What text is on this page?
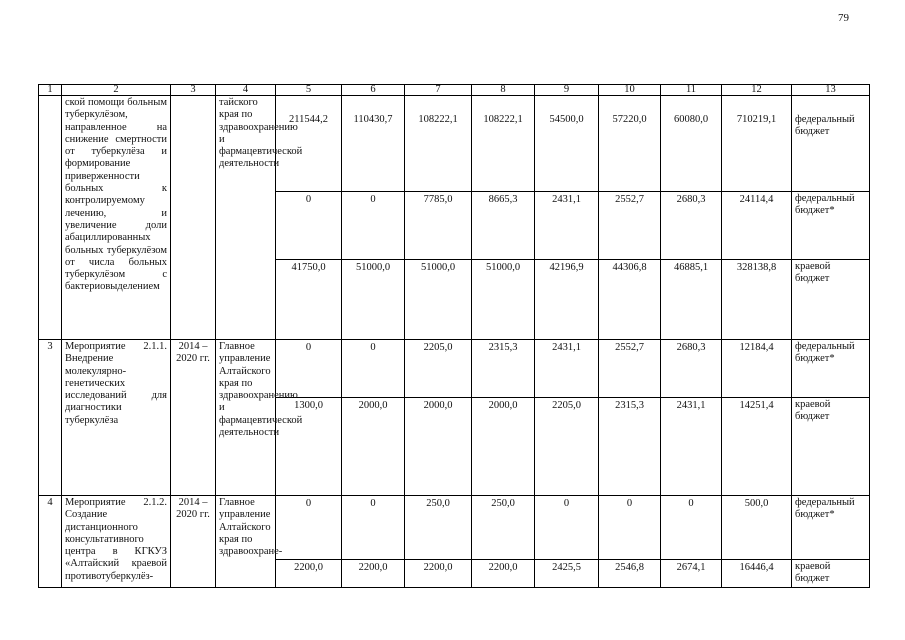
79
1	2	3	4	5	6	7	8	9	10	11	12	13
	ской помощи больным туберкулёзом, направленное на снижение смертности от туберкулёза и формирование приверженности больных к контролируемому лечению, и увеличение доли абациллированных больных туберкулёзом от числа больных туберкулёзом с бактериовыделением		тайского края по здравоохранению и фармацевтической деятельности	211544,2	110430,7	108222,1	108222,1	54500,0	57220,0	60080,0	710219,1	федеральный бюджет
				0	0	7785,0	8665,3	2431,1	2552,7	2680,3	24114,4	федеральный бюджет*
				41750,0	51000,0	51000,0	51000,0	42196,9	44306,8	46885,1	328138,8	краевой бюджет
3	Мероприятие 2.1.1. Внедрение молекулярно-генетических исследований для диагностики туберкулёза	2014 – 2020 гг.	Главное управление Алтайского края по здравоохранению и фармацевтической деятельности	0	0	2205,0	2315,3	2431,1	2552,7	2680,3	12184,4	федеральный бюджет*
				1300,0	2000,0	2000,0	2000,0	2205,0	2315,3	2431,1	14251,4	краевой бюджет
4	Мероприятие 2.1.2. Создание дистанционного консультативного центра в КГКУЗ «Алтайский краевой противотуберкулёз-	2014 – 2020 гг.	Главное управление Алтайского края по здравоохране-	0	0	250,0	250,0	0	0	0	500,0	федеральный бюджет*
				2200,0	2200,0	2200,0	2200,0	2425,5	2546,8	2674,1	16446,4	краевой бюджет
